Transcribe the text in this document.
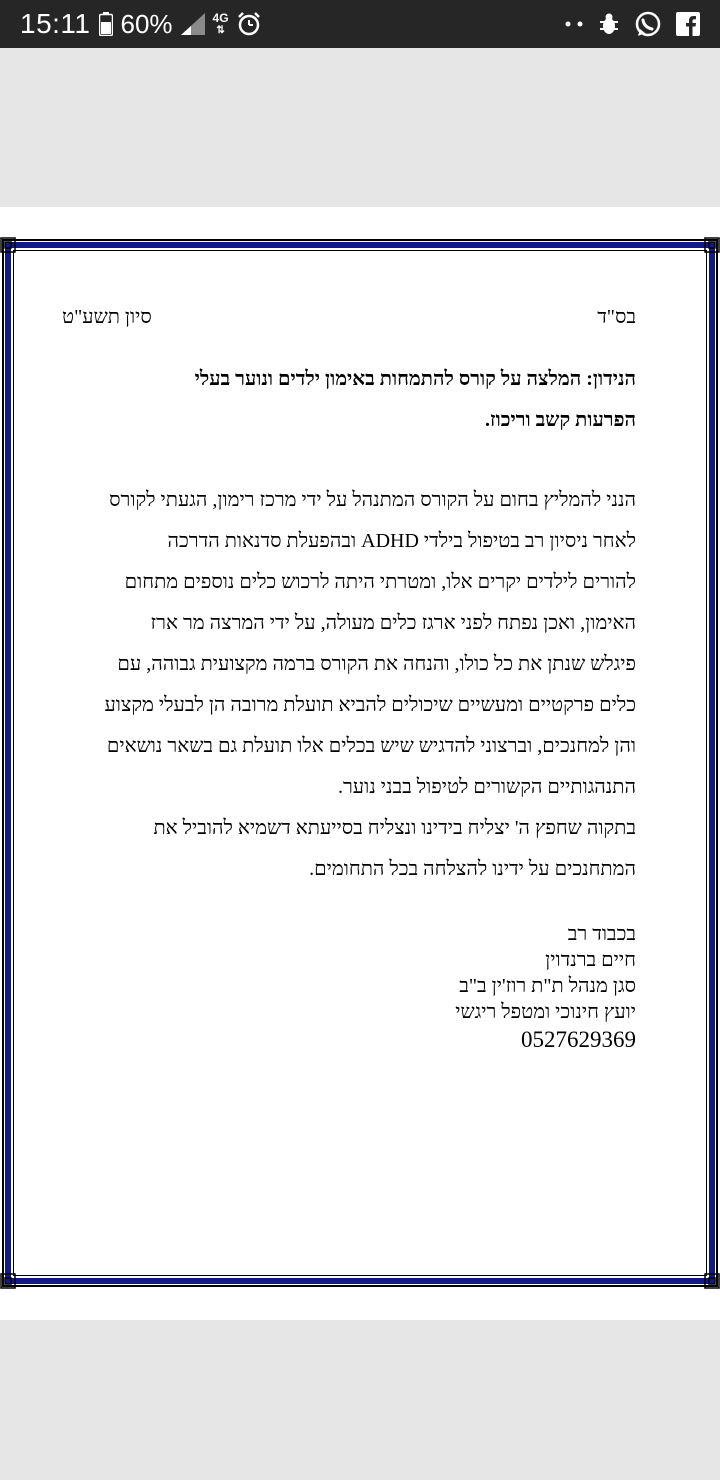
15:11 60%	4G
⇅
בס"ד
סיון תשע"ט
הנידון: המלצה על קורס להתמחות באימון ילדים ונוער בעלי
הפרעות קשב וריכוז.
הנני להמליץ בחום על הקורס המתנהל על ידי מרכז רימון, הגעתי לקורס
לאחר ניסיון רב בטיפול בילדי ADHD ובהפעלת סדנאות הדרכה
להורים לילדים יקרים אלו, ומטרתי היתה לרכוש כלים נוספים מתחום
האימון, ואכן נפתח לפני ארגז כלים מעולה, על ידי המרצה מר ארז
פיגלש שנתן את כל כולו, והנחה את הקורס ברמה מקצועית גבוהה, עם
כלים פרקטיים ומעשיים שיכולים להביא תועלת מרובה הן לבעלי מקצוע
והן למחנכים, וברצוני להדגיש שיש בכלים אלו תועלת גם בשאר נושאים
התנהגותיים הקשורים לטיפול בבני נוער.
בתקוה שחפץ ה' יצליח בידינו ונצליח בסייעתא דשמיא להוביל את
המתחנכים על ידינו להצלחה בכל התחומים.
בכבוד רב
חיים ברנדוין
סגן מנהל ת"ת רוז'ין ב"ב
יועץ חינוכי ומטפל ריגשי
0527629369
